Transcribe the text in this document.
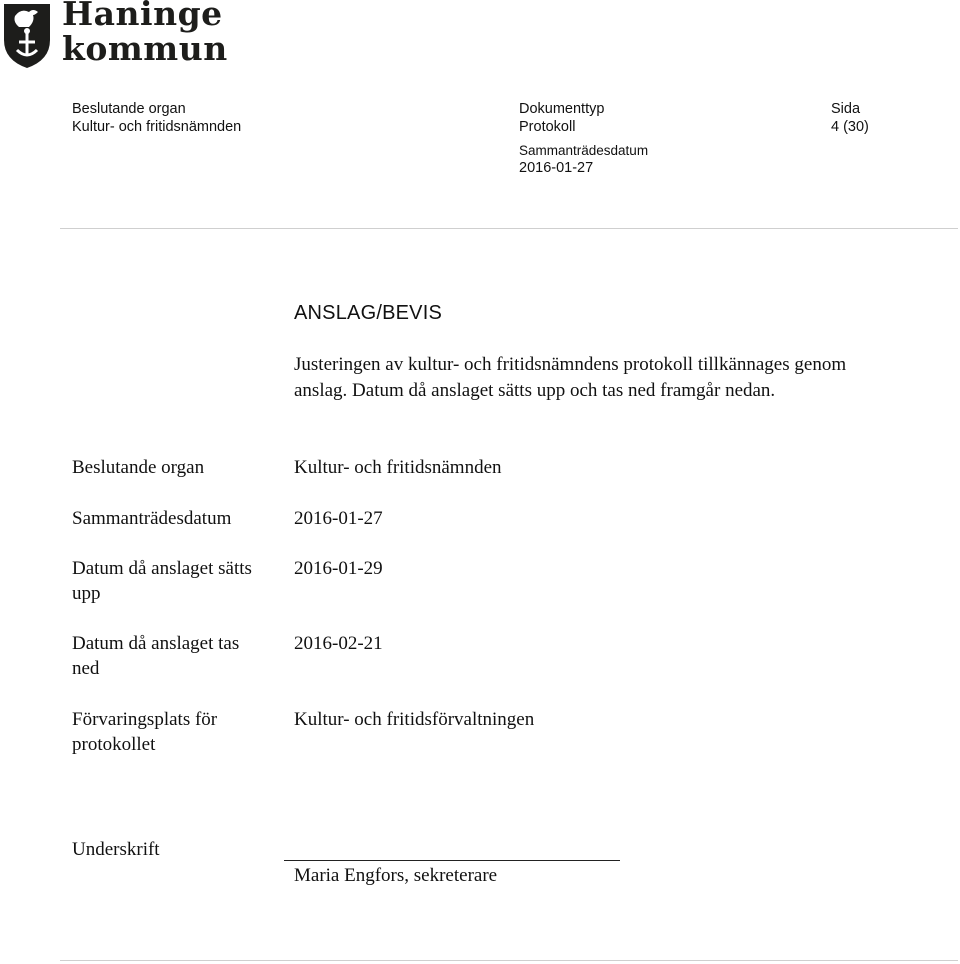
Haninge
kommun
Beslutande organ
Kultur- och fritidsnämnden
Dokumenttyp
Protokoll
Sammanträdesdatum
2016-01-27
Sida
4 (30)
ANSLAG/BEVIS
Justeringen av kultur- och fritidsnämndens protokoll tillkännages genom anslag. Datum då anslaget sätts upp och tas ned framgår nedan.
Beslutande organ	Kultur- och fritidsnämnden
Sammanträdesdatum	2016-01-27
Datum då anslaget sätts upp
2016-01-29
Datum då anslaget tas ned
2016-02-21
Förvaringsplats för protokollet
Kultur- och fritidsförvaltningen
Underskrift
Maria Engfors, sekreterare
